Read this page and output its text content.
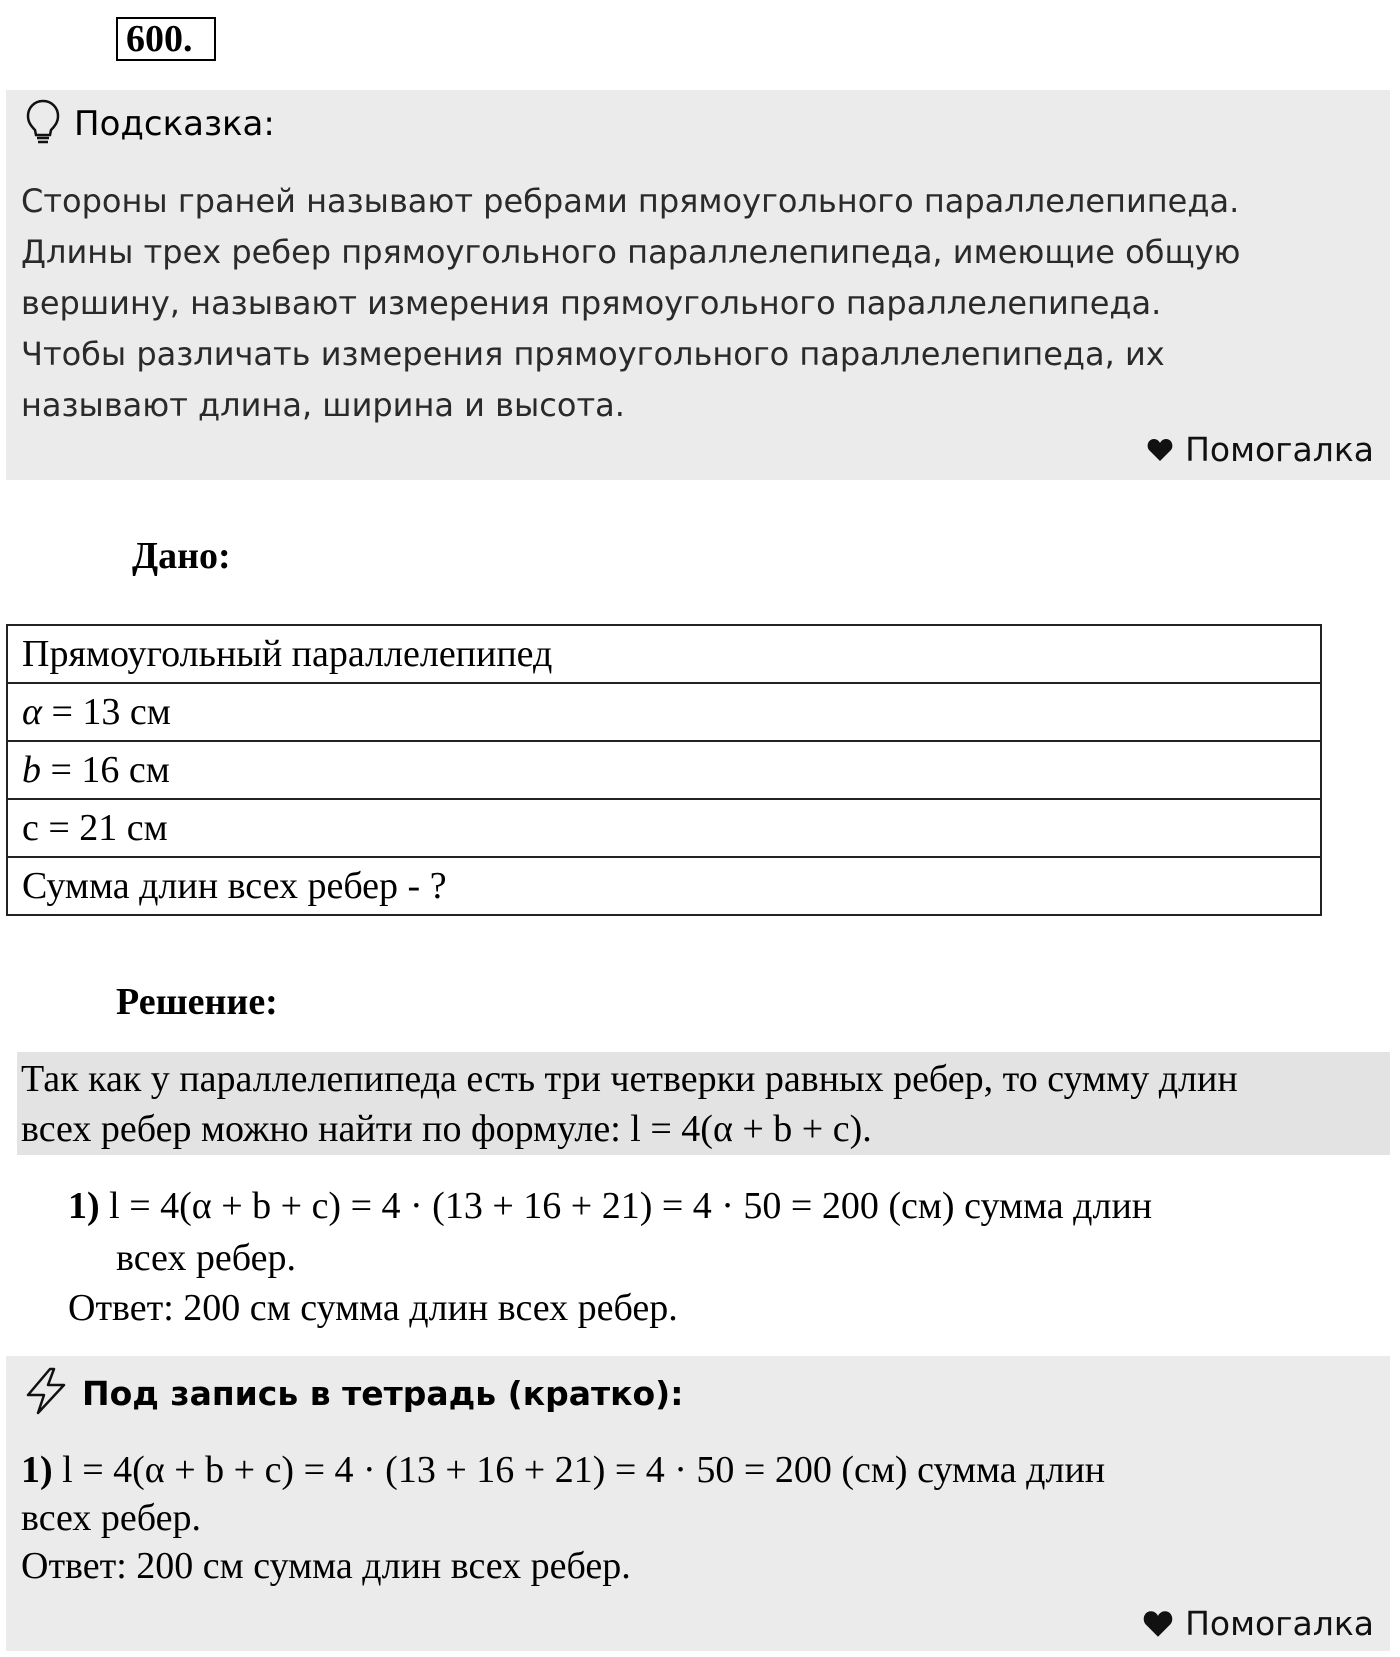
600.
Подсказка:

Стороны граней называют ребрами прямоугольного параллелепипеда.
Длины трех ребер прямоугольного параллелепипеда, имеющие общую
вершину, называют измерения прямоугольного параллелепипеда.
Чтобы различать измерения прямоугольного параллелепипеда, их
называют длина, ширина и высота.

Помогалка
Дано:
Прямоугольный параллелепипед
α = 13 см
b = 16 см
c = 21 см
Сумма длин всех ребер - ?
Решение:

Так как у параллелепипеда есть три четверки равных ребер, то сумму длин
всех ребер можно найти по формуле: l = 4(α + b + c).

1) l = 4(α + b + c) = 4 · (13 + 16 + 21) = 4 · 50 = 200 (см) сумма длин
всех ребер.
Ответ: 200 см сумма длин всех ребер.
Под запись в тетрадь (кратко):
1) l = 4(α + b + c) = 4 · (13 + 16 + 21) = 4 · 50 = 200 (см) сумма длин
всех ребер.
Ответ: 200 см сумма длин всех ребер.
Помогалка
